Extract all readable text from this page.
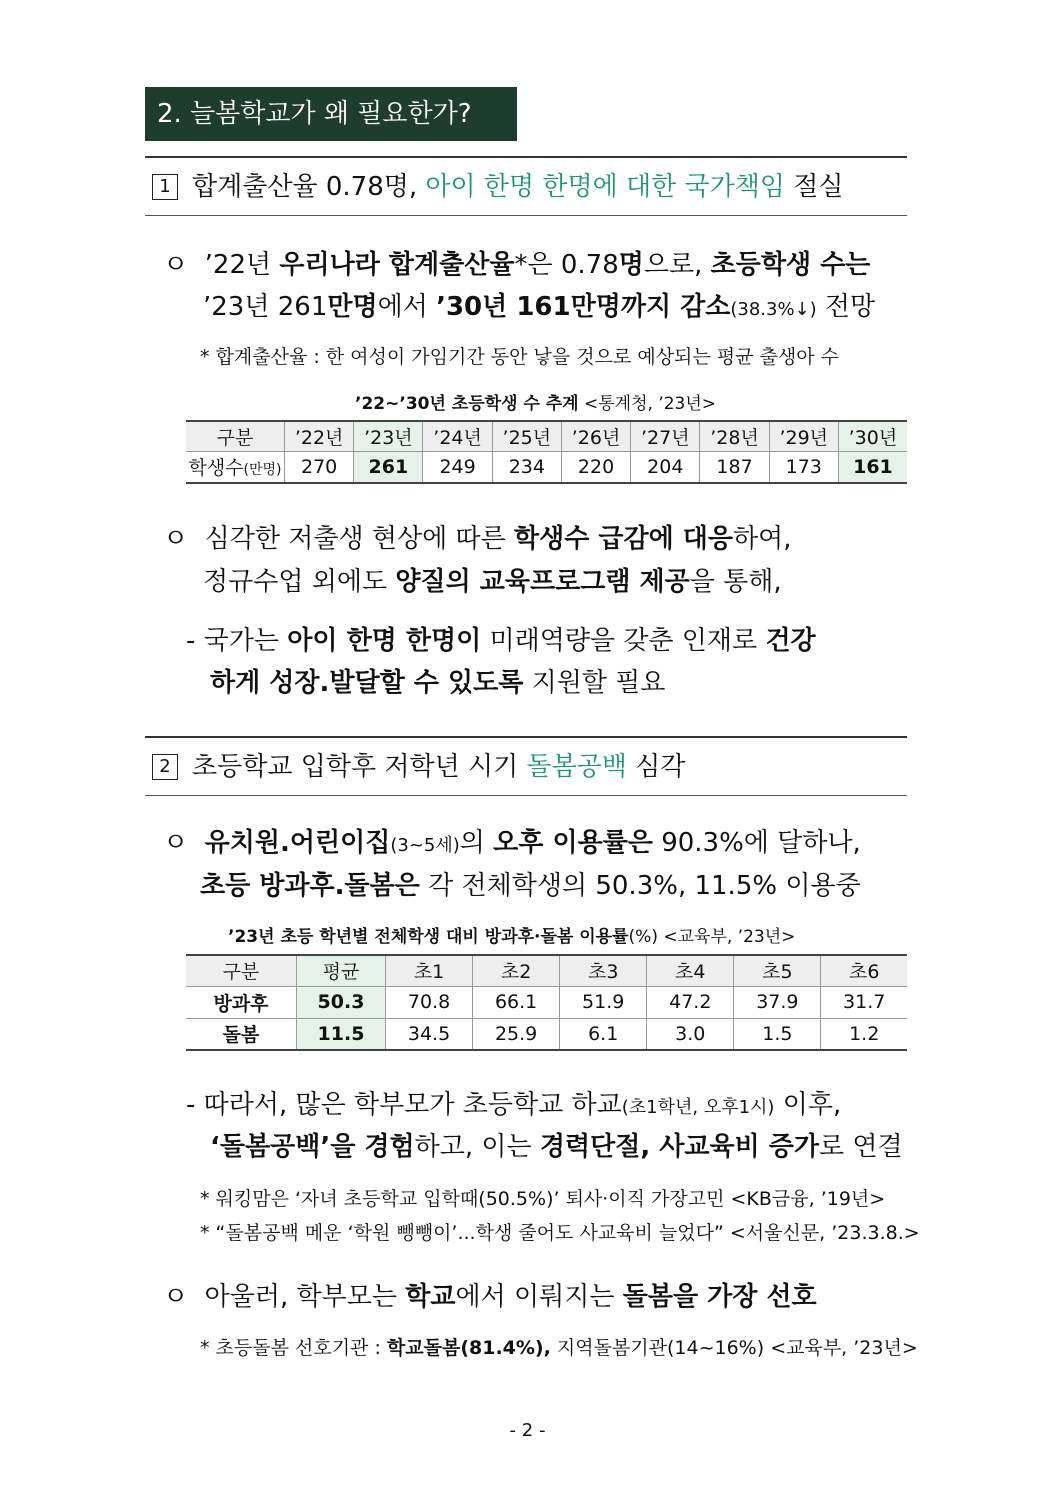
2. 늘봄학교가 왜 필요한가?
1 합계출산율 0.78명, 아이 한명 한명에 대한 국가책임 절실
ㅇ ’22년 우리나라 합계출산율*은 0.78명으로, 초등학생 수는
’23년 261만명에서 ’30년 161만명까지 감소(38.3%↓) 전망
* 합계출산율 : 한 여성이 가임기간 동안 낳을 것으로 예상되는 평균 출생아 수
’22~’30년 초등학생 수 추계 <통계청, ’23년>
구분	’22년	’23년	’24년	’25년	’26년	’27년	’28년	’29년	’30년
학생수(만명)	270	261	249	234	220	204	187	173	161
ㅇ 심각한 저출생 현상에 따른 학생수 급감에 대응하여,
정규수업 외에도 양질의 교육프로그램 제공을 통해,
- 국가는 아이 한명 한명이 미래역량을 갖춘 인재로 건강
하게 성장.발달할 수 있도록 지원할 필요
2 초등학교 입학후 저학년 시기 돌봄공백 심각
ㅇ 유치원.어린이집(3~5세)의 오후 이용률은 90.3%에 달하나,
초등 방과후.돌봄은 각 전체학생의 50.3%, 11.5% 이용중
’23년 초등 학년별 전체학생 대비 방과후·돌봄 이용률(%) <교육부, ’23년>
구분	평균	초1	초2	초3	초4	초5	초6
방과후	50.3	70.8	66.1	51.9	47.2	37.9	31.7
돌봄	11.5	34.5	25.9	6.1	3.0	1.5	1.2
- 따라서, 많은 학부모가 초등학교 하교(초1학년, 오후1시) 이후,
‘돌봄공백’을 경험하고, 이는 경력단절, 사교육비 증가로 연결
* 워킹맘은 ‘자녀 초등학교 입학때(50.5%)’ 퇴사·이직 가장고민 <KB금융, ’19년>
* “돌봄공백 메운 ‘학원 뺑뺑이’...학생 줄어도 사교육비 늘었다” <서울신문, ’23.3.8.>
ㅇ 아울러, 학부모는 학교에서 이뤄지는 돌봄을 가장 선호
* 초등돌봄 선호기관 : 학교돌봄(81.4%), 지역돌봄기관(14~16%) <교육부, ’23년>
- 2 -
